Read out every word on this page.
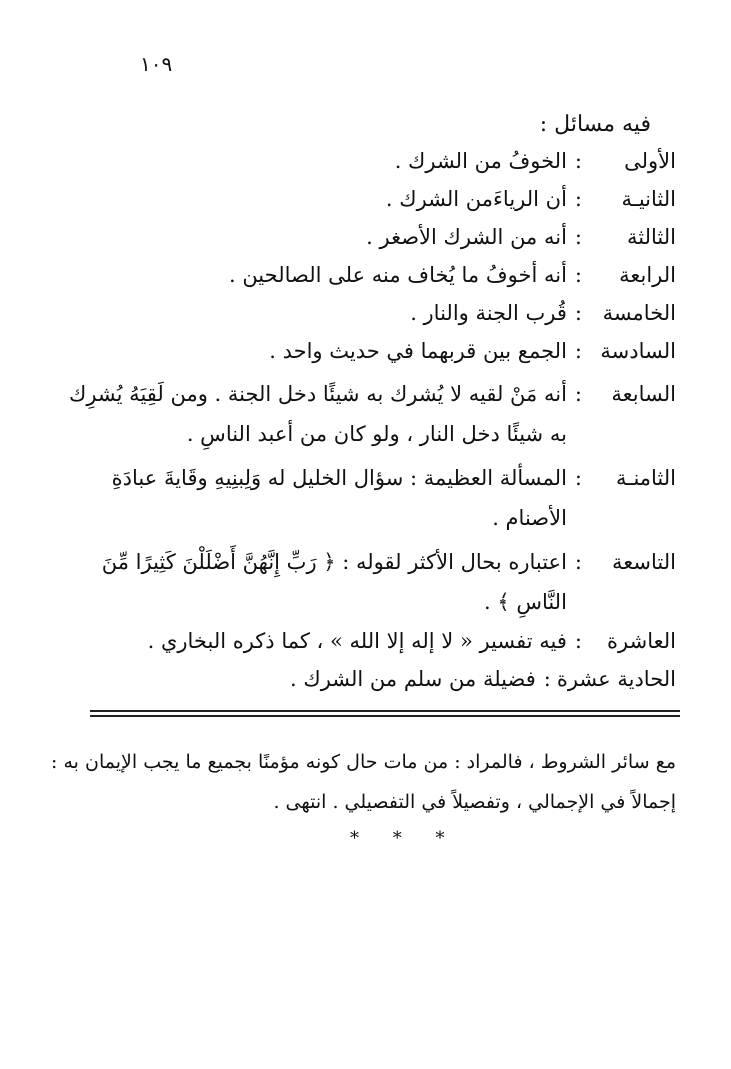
١٠٩
فيه مسائل :
الأولى
:
الخوفُ من الشرك .
الثانيـة
:
أن الرياءَمن الشرك .
الثالثة
:
أنه من الشرك الأصغر .
الرابعة
:
أنه أخوفُ ما يُخاف منه على الصالحين .
الخامسة
:
قُرب الجنة والنار .
السادسة
:
الجمع بين قربهما في حديث واحد .
السابعة
:
أنه مَنْ لقيه لا يُشرك به شيئًا دخل الجنة . ومن لَقِيَهُ يُشرِك به شيئًا دخل النار ، ولو كان من أعبد الناسِ .
الثامنـة
:
المسألة العظيمة : سؤال الخليل له وَلِبنِيهِ وقَايةَ عبادَةِ الأصنام .
التاسعة
:
اعتباره بحال الأكثر لقوله : ﴿ رَبِّ إِنَّهُنَّ أَضْلَلْنَ كَثِيرًا مِّنَ النَّاسِ ﴾ .
العاشرة
:
فيه تفسير « لا إله إلا الله » ، كما ذكره البخاري .
الحادية عشرة
:
فضيلة من سلم من الشرك .
مع سائر الشروط ، فالمراد : من مات حال كونه مؤمنًا بجميع ما يجب الإيمان به : إجمالاً في الإجمالي ، وتفصيلاً في التفصيلي . انتهى .
* * *
